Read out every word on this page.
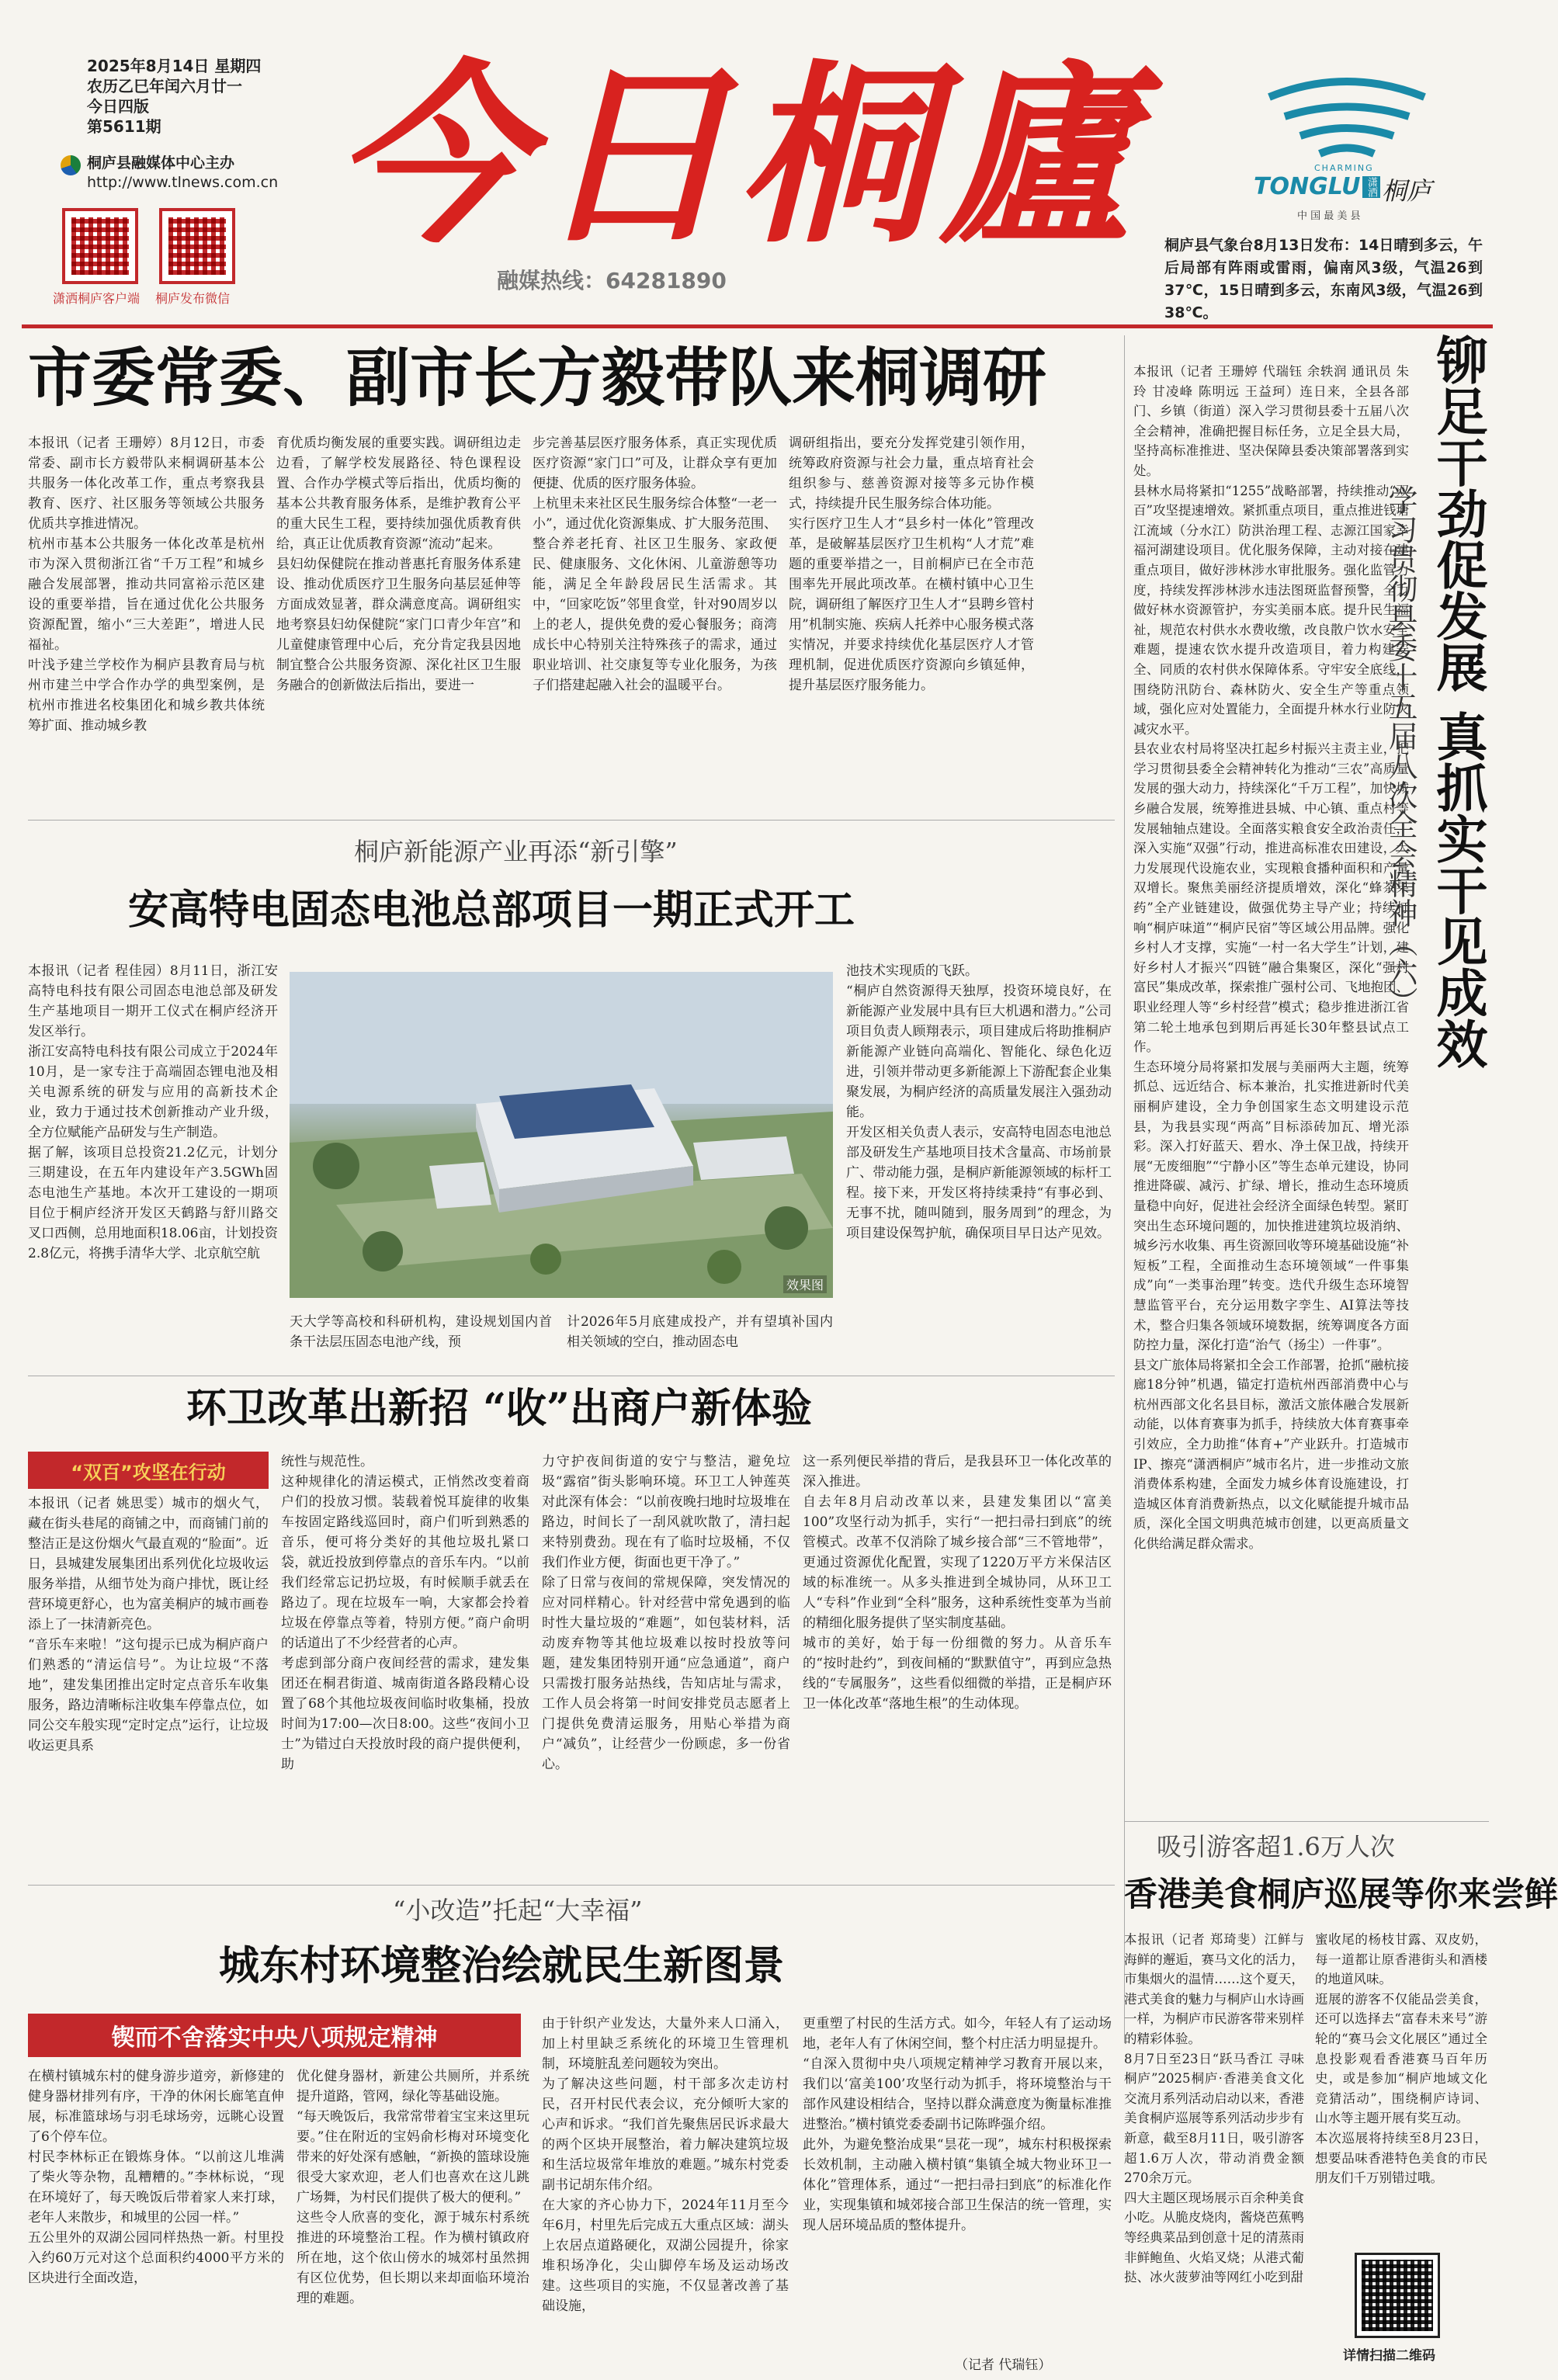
2025年8月14日 星期四
农历乙巳年闰六月廿一
今日四版
第5611期
桐庐县融媒体中心主办
http://www.tlnews.com.cn
潇洒桐庐客户端 桐庐发布微信
今日桐廬
融媒热线：64281890
CHARMING
TONGLU 潇洒 桐庐
中 国 最 美 县
桐庐县气象台8月13日发布：14日晴到多云，午后局部有阵雨或雷雨，偏南风3级，气温26到37℃，15日晴到多云，东南风3级，气温26到38℃。
市委常委、副市长方毅带队来桐调研
本报讯（记者 王珊婷）8月12日，市委常委、副市长方毅带队来桐调研基本公共服务一体化改革工作，重点考察我县教育、医疗、社区服务等领域公共服务优质共享推进情况。
杭州市基本公共服务一体化改革是杭州市为深入贯彻浙江省“千万工程”和城乡融合发展部署，推动共同富裕示范区建设的重要举措，旨在通过优化公共服务资源配置，缩小“三大差距”，增进人民福祉。
叶浅予建兰学校作为桐庐县教育局与杭州市建兰中学合作办学的典型案例，是杭州市推进名校集团化和城乡教共体统筹扩面、推动城乡教
育优质均衡发展的重要实践。调研组边走边看，了解学校发展路径、特色课程设置、合作办学模式等后指出，优质均衡的基本公共教育服务体系，是维护教育公平的重大民生工程，要持续加强优质教育供给，真正让优质教育资源“流动”起来。
县妇幼保健院在推动普惠托育服务体系建设、推动优质医疗卫生服务向基层延伸等方面成效显著，群众满意度高。调研组实地考察县妇幼保健院“家门口青少年宫”和儿童健康管理中心后，充分肯定我县因地制宜整合公共服务资源、深化社区卫生服务融合的创新做法后指出，要进一
步完善基层医疗服务体系，真正实现优质医疗资源“家门口”可及，让群众享有更加便捷、优质的医疗服务体验。
上杭里未来社区民生服务综合体整“一老一小”，通过优化资源集成、扩大服务范围、整合养老托育、社区卫生服务、家政便民、健康服务、文化休闲、儿童游憩等功能，满足全年龄段居民生活需求。其中，“回家吃饭”邻里食堂，针对90周岁以上的老人，提供免费的爱心餐服务；商湾成长中心特别关注特殊孩子的需求，通过职业培训、社交康复等专业化服务，为孩子们搭建起融入社会的温暖平台。
调研组指出，要充分发挥党建引领作用，统筹政府资源与社会力量，重点培育社会组织参与、慈善资源对接等多元协作模式，持续提升民生服务综合体功能。
实行医疗卫生人才“县乡村一体化”管理改革，是破解基层医疗卫生机构“人才荒”难题的重要举措之一，目前桐庐已在全市范围率先开展此项改革。在横村镇中心卫生院，调研组了解医疗卫生人才“县聘乡管村用”机制实施、疾病人托养中心服务模式落实情况，并要求持续优化基层医疗人才管理机制，促进优质医疗资源向乡镇延伸，提升基层医疗服务能力。
桐庐新能源产业再添“新引擎”
安高特电固态电池总部项目一期正式开工
本报讯（记者 程佳园）8月11日，浙江安高特电科技有限公司固态电池总部及研发生产基地项目一期开工仪式在桐庐经济开发区举行。
浙江安高特电科技有限公司成立于2024年10月，是一家专注于高端固态锂电池及相关电源系统的研发与应用的高新技术企业，致力于通过技术创新推动产业升级，全方位赋能产品研发与生产制造。
据了解，该项目总投资21.2亿元，计划分三期建设，在五年内建设年产3.5GWh固态电池生产基地。本次开工建设的一期项目位于桐庐经济开发区天鹤路与舒川路交叉口西侧，总用地面积18.06亩，计划投资2.8亿元，将携手清华大学、北京航空航
效果图
天大学等高校和科研机构，建设规划国内首条干法层压固态电池产线，预
计2026年5月底建成投产，并有望填补国内相关领域的空白，推动固态电
池技术实现质的飞跃。
“桐庐自然资源得天独厚，投资环境良好，在新能源产业发展中具有巨大机遇和潜力。”公司项目负责人顾翔表示，项目建成后将助推桐庐新能源产业链向高端化、智能化、绿色化迈进，引领并带动更多新能源上下游配套企业集聚发展，为桐庐经济的高质量发展注入强劲动能。
开发区相关负责人表示，安高特电固态电池总部及研发生产基地项目技术含量高、市场前景广、带动能力强，是桐庐新能源领域的标杆工程。接下来，开发区将持续秉持“有事必到、无事不扰，随叫随到，服务周到”的理念，为项目建设保驾护航，确保项目早日达产见效。
环卫改革出新招 “收”出商户新体验
“双百”攻坚在行动
本报讯（记者 姚思雯）城市的烟火气，藏在街头巷尾的商铺之中，而商铺门前的整洁正是这份烟火气最直观的“脸面”。近日，县城建发展集团出系列优化垃圾收运服务举措，从细节处为商户排忧，既让经营环境更舒心，也为富美桐庐的城市画卷添上了一抹清新亮色。
“音乐车来啦！”这句提示已成为桐庐商户们熟悉的“清运信号”。为让垃圾“不落地”，建发集团推出定时定点音乐车收集服务，路边清晰标注收集车停靠点位，如同公交车般实现“定时定点”运行，让垃圾收运更具系
统性与规范性。
这种规律化的清运模式，正悄然改变着商户们的投放习惯。装载着悦耳旋律的收集车按固定路线巡回时，商户们听到熟悉的音乐，便可将分类好的其他垃圾扎紧口袋，就近投放到停靠点的音乐车内。“以前我们经常忘记扔垃圾，有时候顺手就丢在路边了。现在垃圾车一响，大家都会拎着垃圾在停靠点等着，特别方便。”商户俞明的话道出了不少经营者的心声。
考虑到部分商户夜间经营的需求，建发集团还在桐君街道、城南街道各路段精心设置了68个其他垃圾夜间临时收集桶，投放时间为17:00—次日8:00。这些“夜间小卫士”为错过白天投放时段的商户提供便利，助
力守护夜间街道的安宁与整洁，避免垃圾“露宿”街头影响环境。环卫工人钟莲英对此深有体会：“以前夜晚扫地时垃圾堆在路边，时间长了一刮风就吹散了，清扫起来特别费劲。现在有了临时垃圾桶，不仅我们作业方便，街面也更干净了。”
除了日常与夜间的常规保障，突发情况的应对同样精心。针对经营中常免遇到的临时性大量垃圾的“难题”，如包装材料，活动废弃物等其他垃圾难以按时投放等问题，建发集团特别开通“应急通道”，商户只需拨打服务站热线，告知店址与需求，工作人员会将第一时间安排党员志愿者上门提供免费清运服务，用贴心举措为商户“减负”，让经营少一份顾虑，多一份省心。
这一系列便民举措的背后，是我县环卫一体化改革的深入推进。
自去年8月启动改革以来，县建发集团以“富美100”攻坚行动为抓手，实行“一把扫帚扫到底”的统管模式。改革不仅消除了城乡接合部“三不管地带”，更通过资源优化配置，实现了1220万平方米保洁区域的标准统一。从多头推进到全城协同，从环卫工人“专科”作业到“全科”服务，这种系统性变革为当前的精细化服务提供了坚实制度基础。
城市的美好，始于每一份细微的努力。从音乐车的“按时赴约”，到夜间桶的“默默值守”，再到应急热线的“专属服务”，这些看似细微的举措，正是桐庐环卫一体化改革“落地生根”的生动体现。
“小改造”托起“大幸福”
城东村环境整治绘就民生新图景
锲而不舍落实中央八项规定精神
在横村镇城东村的健身游步道旁，新修建的健身器材排列有序，干净的休闲长廊笔直伸展，标准篮球场与羽毛球场旁，远眺心设置了6个停车位。
村民李林标正在锻炼身体。“以前这儿堆满了柴火等杂物，乱糟糟的。”李林标说，“现在环境好了，每天晚饭后带着家人来打球，老年人来散步，和城里的公园一样。”
五公里外的双湖公园同样热热一新。村里投入约60万元对这个总面积约4000平方米的区块进行全面改造，
优化健身器材，新建公共厕所，并系统提升道路，管网，绿化等基础设施。
“每天晚饭后，我常常带着宝宝来这里玩要。”住在附近的宝妈俞杉梅对环境变化带来的好处深有感触，“新换的篮球设施很受大家欢迎，老人们也喜欢在这儿跳广场舞，为村民们提供了极大的便利。”
这些令人欣喜的变化，源于城东村系统推进的环境整治工程。作为横村镇政府所在地，这个依山傍水的城郊村虽然拥有区位优势，但长期以来却面临环境治理的难题。
由于针织产业发达，大量外来人口涌入，加上村里缺乏系统化的环境卫生管理机制，环境脏乱差问题较为突出。
为了解决这些问题，村干部多次走访村民，召开村民代表会议，充分倾听大家的心声和诉求。“我们首先聚焦居民诉求最大的两个区块开展整治，着力解决建筑垃圾和生活垃圾常年堆放的难题。”城东村党委副书记胡东伟介绍。
在大家的齐心协力下，2024年11月至今年6月，村里先后完成五大重点区域：湖头上农居点道路硬化，双湖公园提升，徐家堆积场净化，尖山脚停车场及运动场改建。这些项目的实施，不仅显著改善了基础设施，
更重塑了村民的生活方式。如今，年轻人有了运动场地，老年人有了休闲空间，整个村庄活力明显提升。
“自深入贯彻中央八项规定精神学习教育开展以来，我们以‘富美100’攻坚行动为抓手，将环境整治与干部作风建设相结合，坚持以群众满意度为衡量标准推进整治。”横村镇党委委副书记陈晔强介绍。
此外，为避免整治成果“昙花一现”，城东村积极探索长效机制，主动融入横村镇“集镇全城大物业环卫一体化”管理体系，通过“一把扫帚扫到底”的标准化作业，实现集镇和城郊接合部卫生保洁的统一管理，实现人居环境品质的整体提升。
（记者 代瑞钰）
本报讯（记者 王珊婷 代瑞钰 余轶润 通讯员 朱玲 甘凌峰 陈明远 王益珂）连日来，全县各部门、乡镇（街道）深入学习贯彻县委十五届八次全会精神，准确把握目标任务，立足全县大局，坚持高标准推进、坚决保障县委决策部署落到实处。
县林水局将紧扣“1255”战略部署，持续推动“双百”攻坚提速增效。紧抓重点项目，重点推进钱塘江流域（分水江）防洪治理工程、志源江国家幸福河湖建设项目。优化服务保障，主动对接在建重点项目，做好涉林涉水审批服务。强化监管力度，持续发挥涉林涉水违法图斑监督预警，全力做好林水资源管护，夯实美丽本底。提升民生福祉，规范农村供水水费收缴，改良散户饮水安全难题，提速农饮水提升改造项目，着力构建安全、同质的农村供水保障体系。守牢安全底线，围绕防汛防台、森林防火、安全生产等重点领域，强化应对处置能力，全面提升林水行业防灾减灾水平。
县农业农村局将坚决扛起乡村振兴主责主业，把学习贯彻县委全会精神转化为推动“三农”高质量发展的强大动力，持续深化“千万工程”，加快城乡融合发展，统筹推进县城、中心镇、重点村等发展轴轴点建设。全面落实粮食安全政治责任，深入实施“双强”行动，推进高标准农田建设，大力发展现代设施农业，实现粮食播种面积和产量双增长。聚焦美丽经济提质增效，深化“蜂茶果药”全产业链建设，做强优势主导产业；持续打响“桐庐味道”“桐庐民宿”等区域公用品牌。强化乡村人才支撑，实施“一村一名大学生”计划，建好乡村人才振兴“四链”融合集聚区，深化“强村富民”集成改革，探索推广强村公司、飞地抱团、职业经理人等“乡村经营”模式；稳步推进浙江省第二轮土地承包到期后再延长30年整县试点工作。
生态环境分局将紧扣发展与美丽两大主题，统筹抓总、远近结合、标本兼治，扎实推进新时代美丽桐庐建设，全力争创国家生态文明建设示范县，为我县实现“两高”目标添砖加瓦、增光添彩。深入打好蓝天、碧水、净土保卫战，持续开展“无废细胞”“宁静小区”等生态单元建设，协同推进降碳、减污、扩绿、增长，推动生态环境质量稳中向好，促进社会经济全面绿色转型。紧盯突出生态环境问题的，加快推进建筑垃圾消纳、城乡污水收集、再生资源回收等环境基础设施“补短板”工程，全面推动生态环境领域“一件事集成”向“一类事治理”转变。迭代升级生态环境智慧监管平台，充分运用数字孪生、AI算法等技术，整合归集各领域环境数据，统筹调度各方面防控力量，深化打造“治气（扬尘）一件事”。
县文广旅体局将紧扣全会工作部署，抢抓“融杭接廊18分钟”机遇，锚定打造杭州西部消费中心与杭州西部文化名县目标，激活文旅体融合发展新动能，以体育赛事为抓手，持续放大体育赛事牵引效应，全力助推“体育+”产业跃升。打造城市IP、擦亮“潇洒桐庐”城市名片，进一步推动文旅消费体系构建，全面发力城乡体育设施建设，打造城区体育消费新热点，以文化赋能提升城市品质，深化全国文明典范城市创建，以更高质量文化供给满足群众需求。
铆足干劲促发展 真抓实干见成效
学习贯彻县委十五届八次全会精神（六）
吸引游客超1.6万人次
香港美食桐庐巡展等你来尝鲜
本报讯（记者 郑琦斐）江鲜与海鲜的邂逅，赛马文化的活力，市集烟火的温情……这个夏天，港式美食的魅力与桐庐山水诗画一样，为桐庐市民游客带来别样的精彩体验。
8月7日至23日“跃马香江 寻味桐庐”2025桐庐·香港美食文化交流月系列活动启动以来，香港美食桐庐巡展等系列活动步步有新意，截至8月11日，吸引游客超1.6万人次，带动消费金额270余万元。
四大主题区现场展示百余种美食小吃。从脆皮烧肉，酱烧芭蕉鸭等经典菜品到创意十足的清蒸雨非鲜鲍鱼、火焰叉烧；从港式葡挞、冰火菠萝油等网红小吃到甜
蜜收尾的杨枝甘露、双皮奶，每一道都让原香港街头和酒楼的地道风味。
逛展的游客不仅能品尝美食，还可以选择去“富春未来号”游轮的“赛马会文化展区”通过全息投影观看香港赛马百年历史，或是参加“桐庐地域文化竞猜活动”，围绕桐庐诗词、山水等主题开展有奖互动。
本次巡展将持续至8月23日，想要品味香港特色美食的市民朋友们千万别错过哦。
详情扫描二维码
